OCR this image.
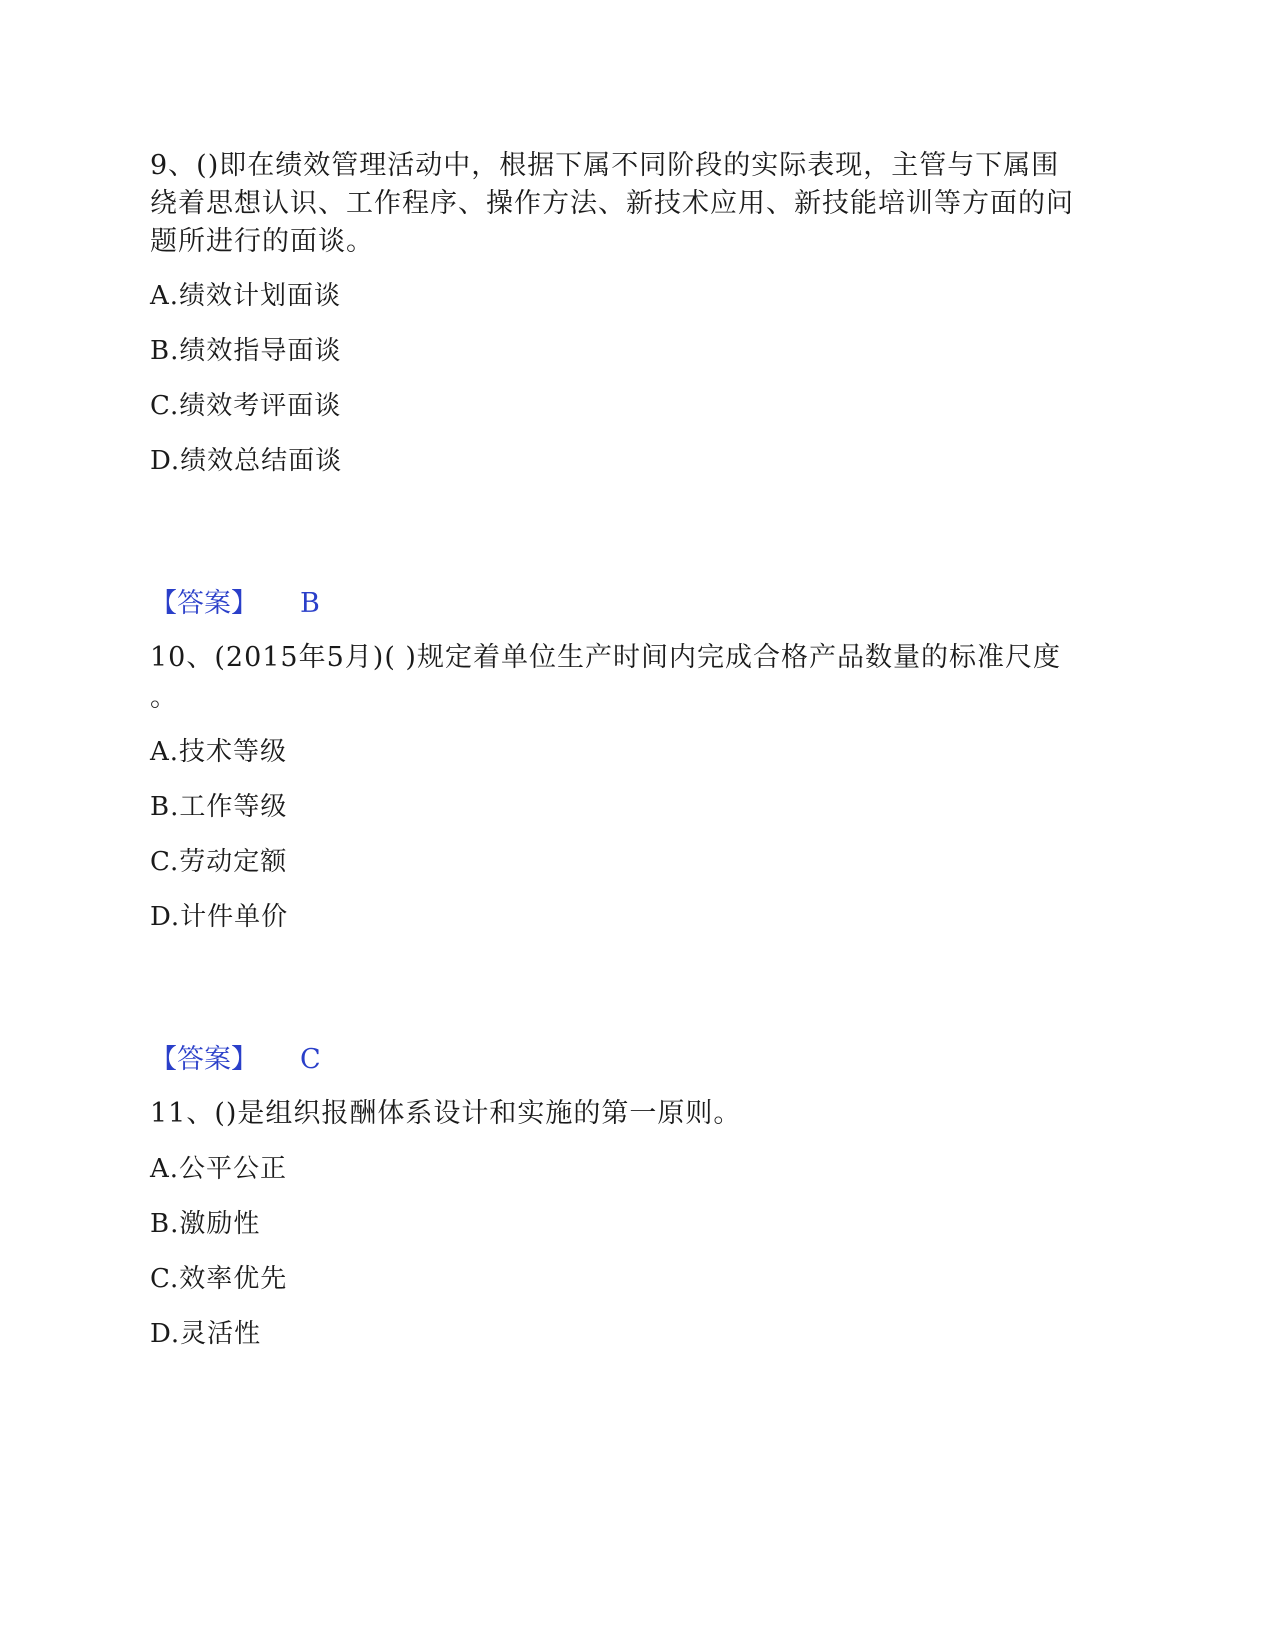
9、()即在绩效管理活动中，根据下属不同阶段的实际表现，主管与下属围
绕着思想认识、工作程序、操作方法、新技术应用、新技能培训等方面的问
题所进行的面谈。
A.绩效计划面谈
B.绩效指导面谈
C.绩效考评面谈
D.绩效总结面谈
【答案】 B
10、(2015年5月)( )规定着单位生产时间内完成合格产品数量的标准尺度
。
A.技术等级
B.工作等级
C.劳动定额
D.计件单价
【答案】 C
11、()是组织报酬体系设计和实施的第一原则。
A.公平公正
B.激励性
C.效率优先
D.灵活性
